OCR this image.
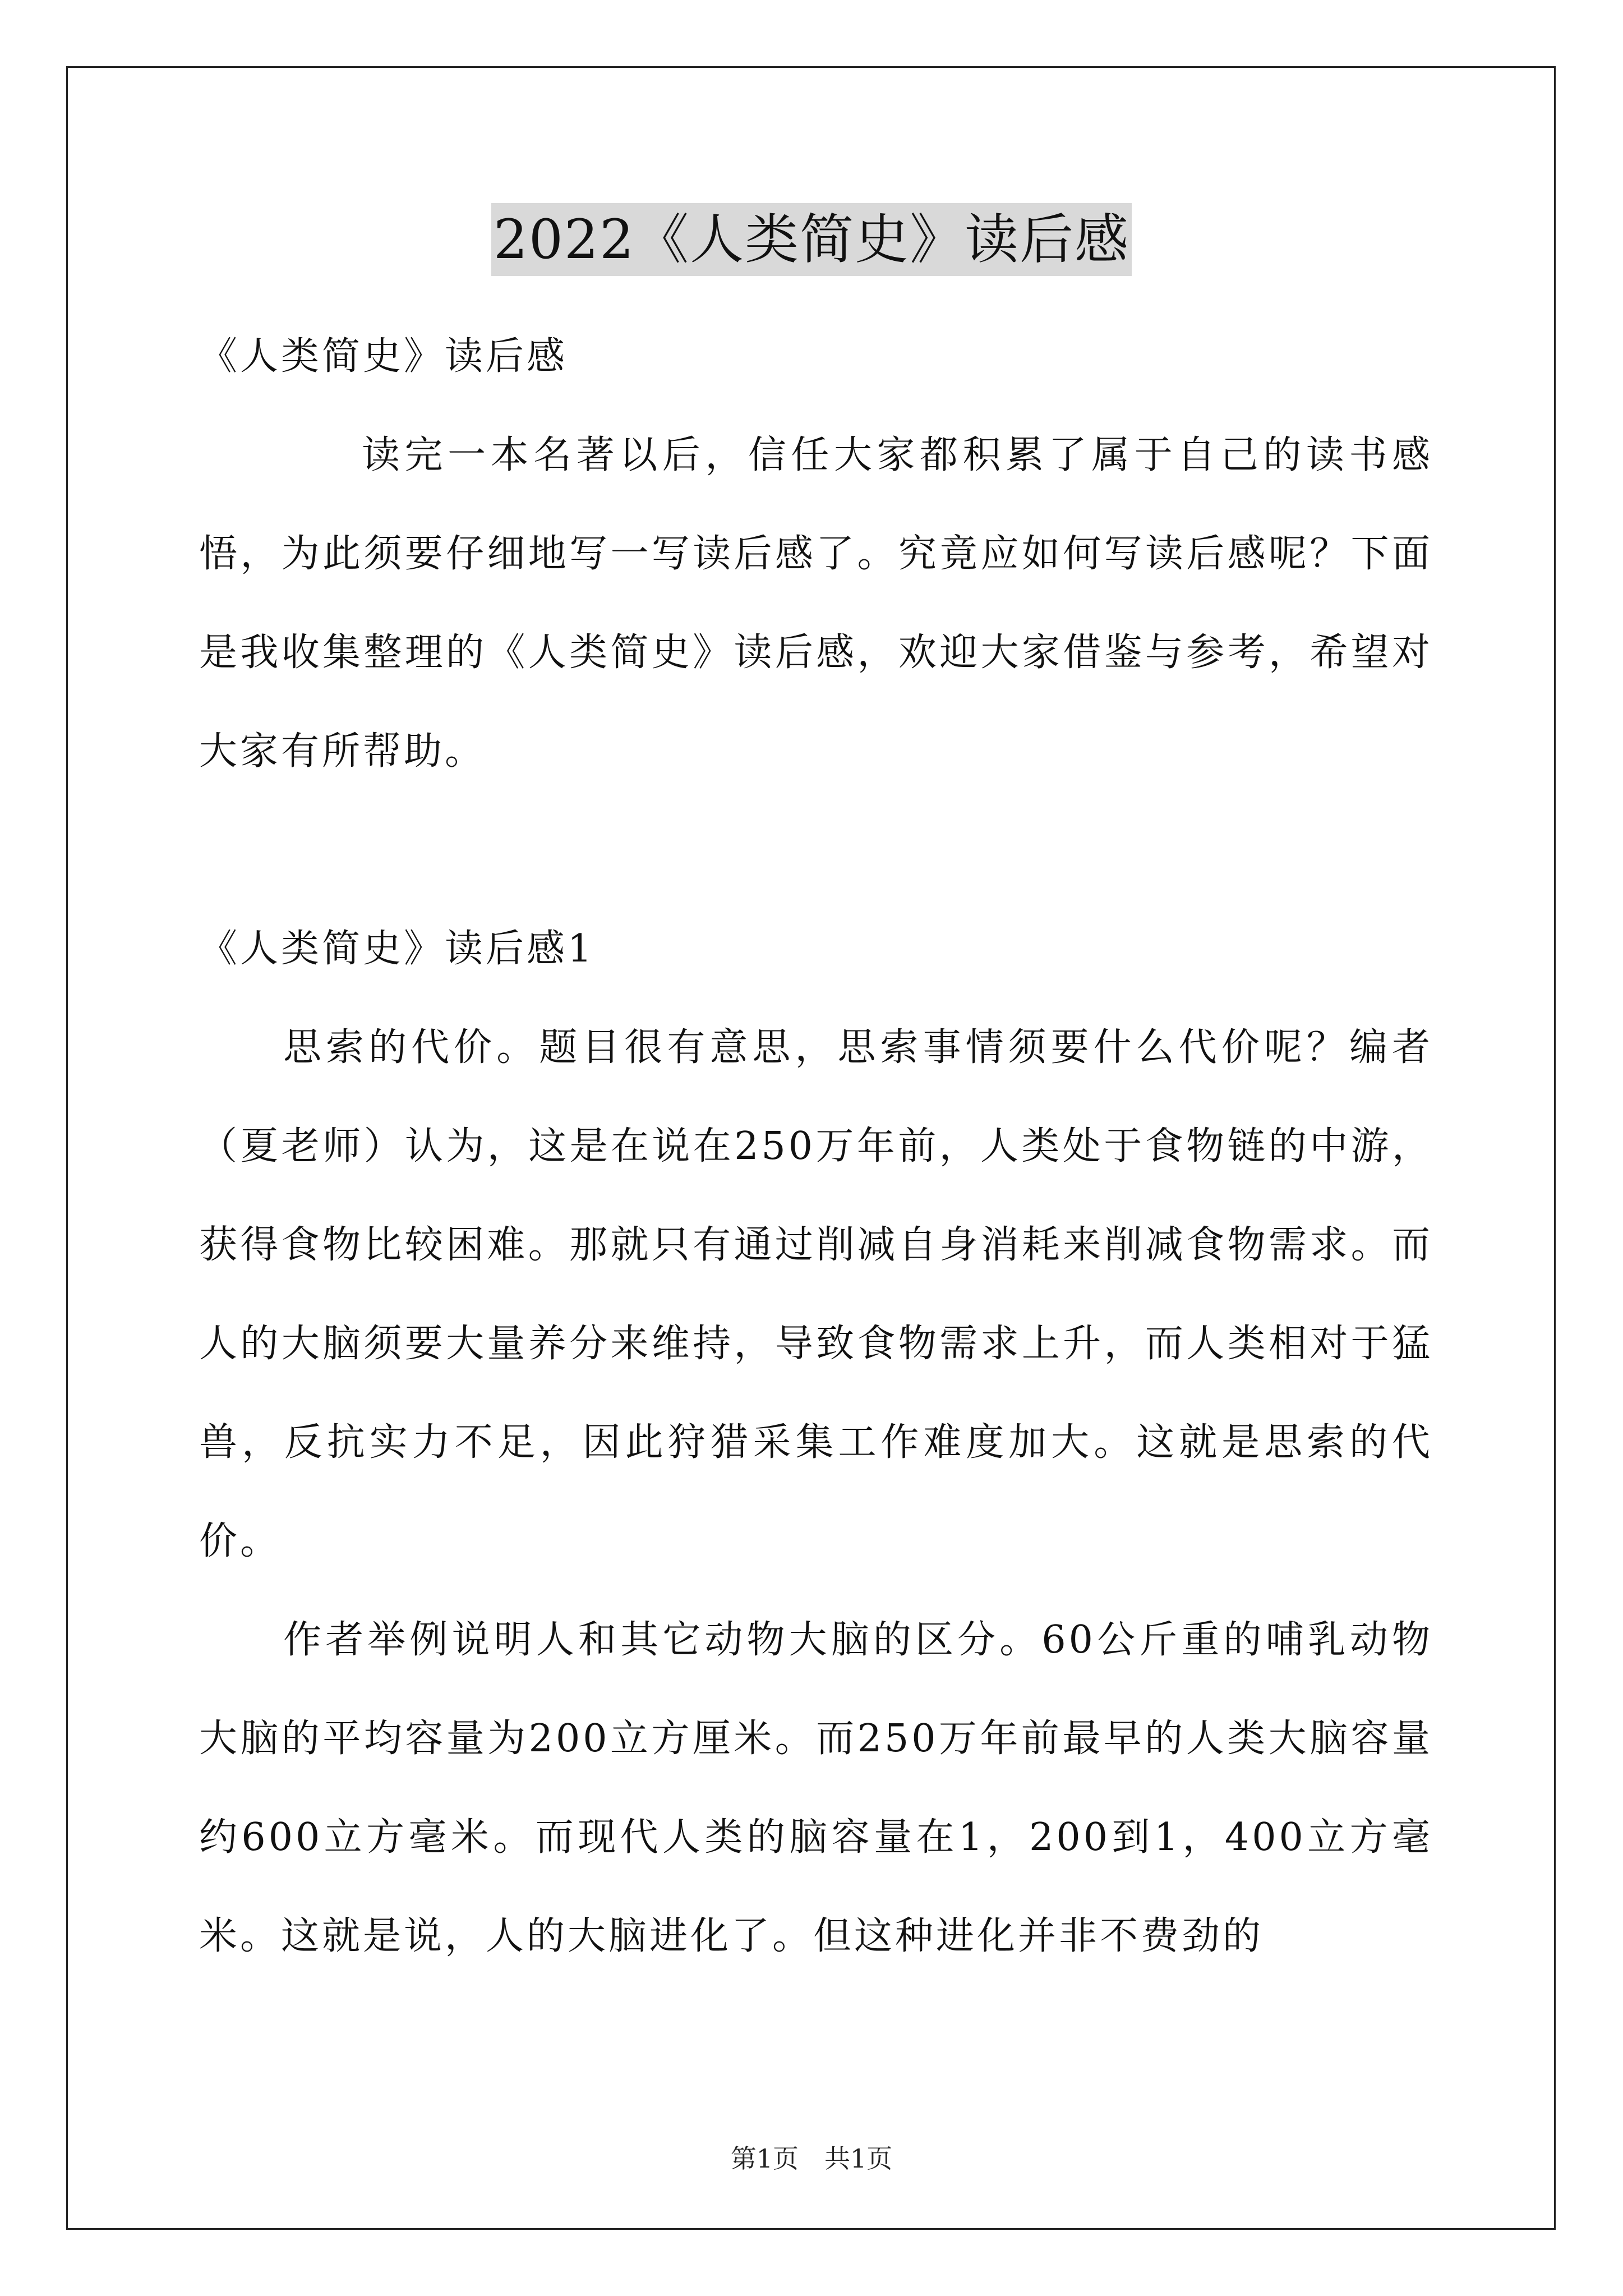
2022《人类简史》读后感

《人类简史》读后感

读完一本名著以后，信任大家都积累了属于自己的读书感悟，为此须要仔细地写一写读后感了。究竟应如何写读后感呢？下面是我收集整理的《人类简史》读后感，欢迎大家借鉴与参考，希望对大家有所帮助。

《人类简史》读后感1

思索的代价。题目很有意思，思索事情须要什么代价呢？编者（夏老师）认为，这是在说在250万年前，人类处于食物链的中游，获得食物比较困难。那就只有通过削减自身消耗来削减食物需求。而人的大脑须要大量养分来维持，导致食物需求上升，而人类相对于猛兽，反抗实力不足，因此狩猎采集工作难度加大。这就是思索的代价。

作者举例说明人和其它动物大脑的区分。60公斤重的哺乳动物大脑的平均容量为200立方厘米。而250万年前最早的人类大脑容量约600立方毫米。而现代人类的脑容量在1，200到1，400立方毫米。这就是说，人的大脑进化了。但这种进化并非不费劲的

第1页 共1页
